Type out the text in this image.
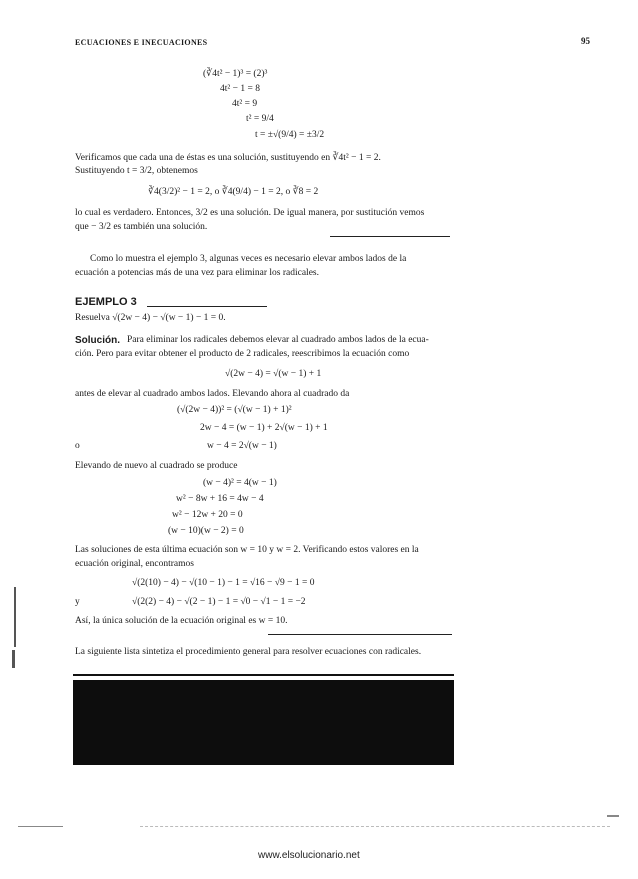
ECUACIONES E INECUACIONES	95
(∛4t² − 1)³ = (2)³
4t² − 1 = 8
4t² = 9
t² = 9/4
t = ±√(9/4) = ±3/2
Verificamos que cada una de éstas es una solución, sustituyendo en ∛4t² − 1 = 2.
Sustituyendo t = 3/2, obtenemos
∛4(3/2)² − 1 = 2, o ∛4(9/4) − 1 = 2, o ∛8 = 2
lo cual es verdadero. Entonces, 3/2 es una solución. De igual manera, por sustitución vemos
que − 3/2 es también una solución.
Como lo muestra el ejemplo 3, algunas veces es necesario elevar ambos lados de la
ecuación a potencias más de una vez para eliminar los radicales.
EJEMPLO 3
Resuelva √(2w − 4) − √(w − 1) − 1 = 0.
Solución. Para eliminar los radicales debemos elevar al cuadrado ambos lados de la ecua-
ción. Pero para evitar obtener el producto de 2 radicales, reescribimos la ecuación como
√(2w − 4) = √(w − 1) + 1
antes de elevar al cuadrado ambos lados. Elevando ahora al cuadrado da
(√(2w − 4))² = (√(w − 1) + 1)²
2w − 4 = (w − 1) + 2√(w − 1) + 1
o	w − 4 = 2√(w − 1)
Elevando de nuevo al cuadrado se produce
(w − 4)² = 4(w − 1)
w² − 8w + 16 = 4w − 4
w² − 12w + 20 = 0
(w − 10)(w − 2) = 0
Las soluciones de esta última ecuación son w = 10 y w = 2. Verificando estos valores en la
ecuación original, encontramos
√(2(10) − 4) − √(10 − 1) − 1 = √16 − √9 − 1 = 0
y	√(2(2) − 4) − √(2 − 1) − 1 = √0 − √1 − 1 = −2
Así, la única solución de la ecuación original es w = 10.
La siguiente lista sintetiza el procedimiento general para resolver ecuaciones con radicales.
www.elsolucionario.net
